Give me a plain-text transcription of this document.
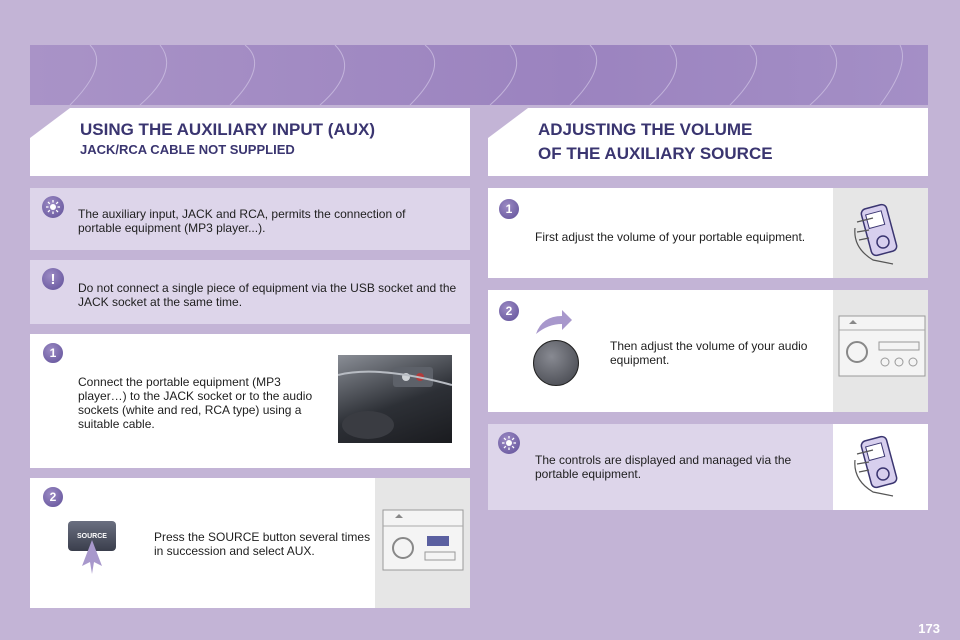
USING THE AUXILIARY INPUT (AUX)
JACK/RCA CABLE NOT SUPPLIED
ADJUSTING THE VOLUME
OF THE AUXILIARY SOURCE
The auxiliary input, JACK and RCA, permits the connection of portable equipment (MP3 player...).
!
Do not connect a single piece of equipment via the USB socket and the JACK socket at the same time.
1
Connect the portable equipment (MP3 player…) to the JACK socket or to the audio sockets (white and red, RCA type) using a suitable cable.
2
SOURCE	Press the SOURCE button several times in succession and select AUX.
1
First adjust the volume of your portable equipment.
2
Then adjust the volume of your audio equipment.
The controls are displayed and managed via the portable equipment.
173
